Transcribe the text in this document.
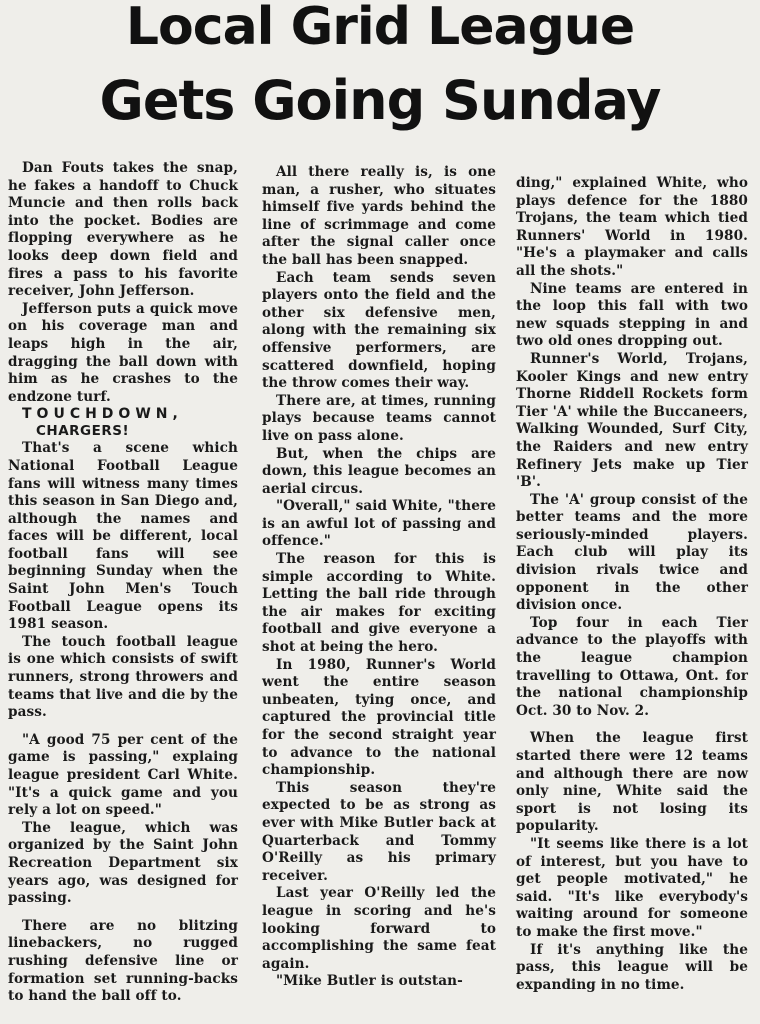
Local Grid League
Gets Going Sunday

Dan Fouts takes the snap, he fakes a handoff to Chuck Muncie and then rolls back into the pocket. Bodies are flopping everywhere as he looks deep down field and fires a pass to his favorite receiver, John Jefferson.

Jefferson puts a quick move on his coverage man and leaps high in the air, dragging the ball down with him as he crashes to the endzone turf.

TOUCHDOWN,

CHARGERS!

That's a scene which National Football League fans will witness many times this season in San Diego and, although the names and faces will be different, local football fans will see beginning Sunday when the Saint John Men's Touch Football League opens its 1981 season.

The touch football league is one which consists of swift runners, strong throwers and teams that live and die by the pass.

"A good 75 per cent of the game is passing," explaing league president Carl White. "It's a quick game and you rely a lot on speed."

The league, which was organized by the Saint John Recreation Department six years ago, was designed for passing.

There are no blitzing linebackers, no rugged rushing defensive line or formation set running-backs to hand the ball off to.

All there really is, is one man, a rusher, who situates himself five yards behind the line of scrimmage and come after the signal caller once the ball has been snapped.

Each team sends seven players onto the field and the other six defensive men, along with the remaining six offensive performers, are scattered downfield, hoping the throw comes their way.

There are, at times, running plays because teams cannot live on pass alone.

But, when the chips are down, this league becomes an aerial circus.

"Overall," said White, "there is an awful lot of passing and offence."

The reason for this is simple according to White. Letting the ball ride through the air makes for exciting football and give everyone a shot at being the hero.

In 1980, Runner's World went the entire season unbeaten, tying once, and captured the provincial title for the second straight year to advance to the national championship.

This season they're expected to be as strong as ever with Mike Butler back at Quarterback and Tommy O'Reilly as his primary receiver.

Last year O'Reilly led the league in scoring and he's looking forward to accomplishing the same feat again.

"Mike Butler is outstan-

ding," explained White, who plays defence for the 1880 Trojans, the team which tied Runners' World in 1980. "He's a playmaker and calls all the shots."

Nine teams are entered in the loop this fall with two new squads stepping in and two old ones dropping out.

Runner's World, Trojans, Kooler Kings and new entry Thorne Riddell Rockets form Tier 'A' while the Buccaneers, Walking Wounded, Surf City, the Raiders and new entry Refinery Jets make up Tier 'B'.

The 'A' group consist of the better teams and the more seriously-minded players. Each club will play its division rivals twice and opponent in the other division once.

Top four in each Tier advance to the playoffs with the league champion travelling to Ottawa, Ont. for the national championship Oct. 30 to Nov. 2.

When the league first started there were 12 teams and although there are now only nine, White said the sport is not losing its popularity.

"It seems like there is a lot of interest, but you have to get people motivated," he said. "It's like everybody's waiting around for someone to make the first move."

If it's anything like the pass, this league will be expanding in no time.
